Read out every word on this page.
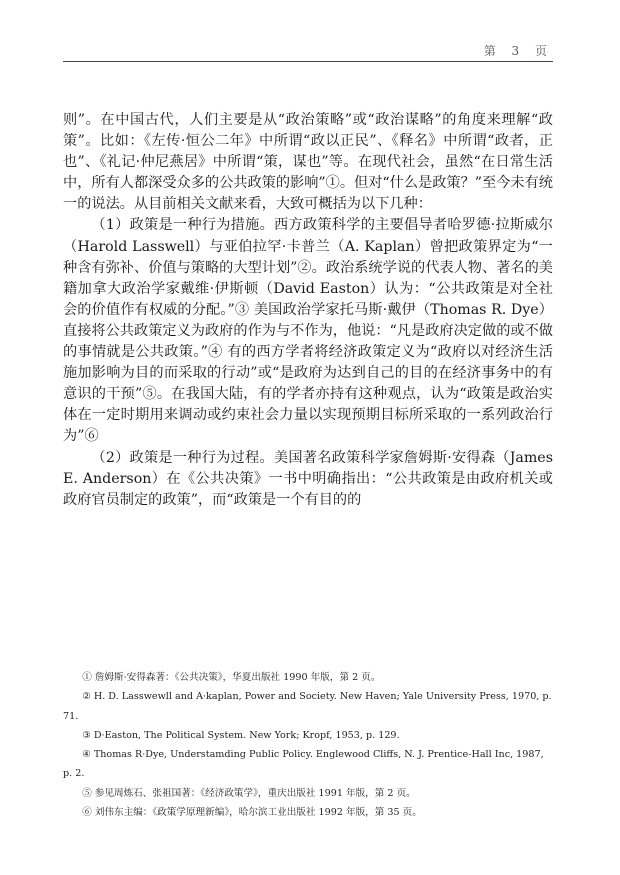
第 3 页

则”。在中国古代，人们主要是从“政治策略”或“政治谋略”的角度来理解“政策”。比如：《左传·恒公二年》中所谓“政以正民”、《释名》中所谓“政者，正也”、《礼记·仲尼燕居》中所谓“策，谋也”等。在现代社会，虽然“在日常生活中，所有人都深受众多的公共政策的影响”①。但对“什么是政策？”至今未有统一的说法。从目前相关文献来看，大致可概括为以下几种：

（1）政策是一种行为措施。西方政策科学的主要倡导者哈罗德·拉斯威尔（Harold Lasswell）与亚伯拉罕·卡普兰（A. Kaplan）曾把政策界定为“一种含有弥补、价值与策略的大型计划”②。政治系统学说的代表人物、著名的美籍加拿大政治学家戴维·伊斯顿（David Easton）认为：“公共政策是对全社会的价值作有权威的分配。”③ 美国政治学家托马斯·戴伊（Thomas R. Dye）直接将公共政策定义为政府的作为与不作为，他说：“凡是政府决定做的或不做的事情就是公共政策。”④ 有的西方学者将经济政策定义为“政府以对经济生活施加影响为目的而采取的行动”或“是政府为达到自己的目的在经济事务中的有意识的干预”⑤。在我国大陆，有的学者亦持有这种观点，认为“政策是政治实体在一定时期用来调动或约束社会力量以实现预期目标所采取的一系列政治行为”⑥

（2）政策是一种行为过程。美国著名政策科学家詹姆斯·安得森（James E. Anderson）在《公共决策》一书中明确指出：“公共政策是由政府机关或政府官员制定的政策”，而“政策是一个有目的的

① 詹姆斯·安得森著：《公共决策》，华夏出版社 1990 年版，第 2 页。

② H. D. Lasswewll and A·kaplan, Power and Society. New Haven; Yale University Press, 1970, p. 71.

③ D·Easton, The Political System. New York; Kropf, 1953, p. 129.

④ Thomas R·Dye, Understamding Public Policy. Englewood Cliffs, N. J. Prentice-Hall Inc, 1987, p. 2.

⑤ 参见周炼石、张祖国著：《经济政策学》，重庆出版社 1991 年版，第 2 页。

⑥ 刘伟东主编：《政策学原理新编》，哈尔滨工业出版社 1992 年版，第 35 页。
